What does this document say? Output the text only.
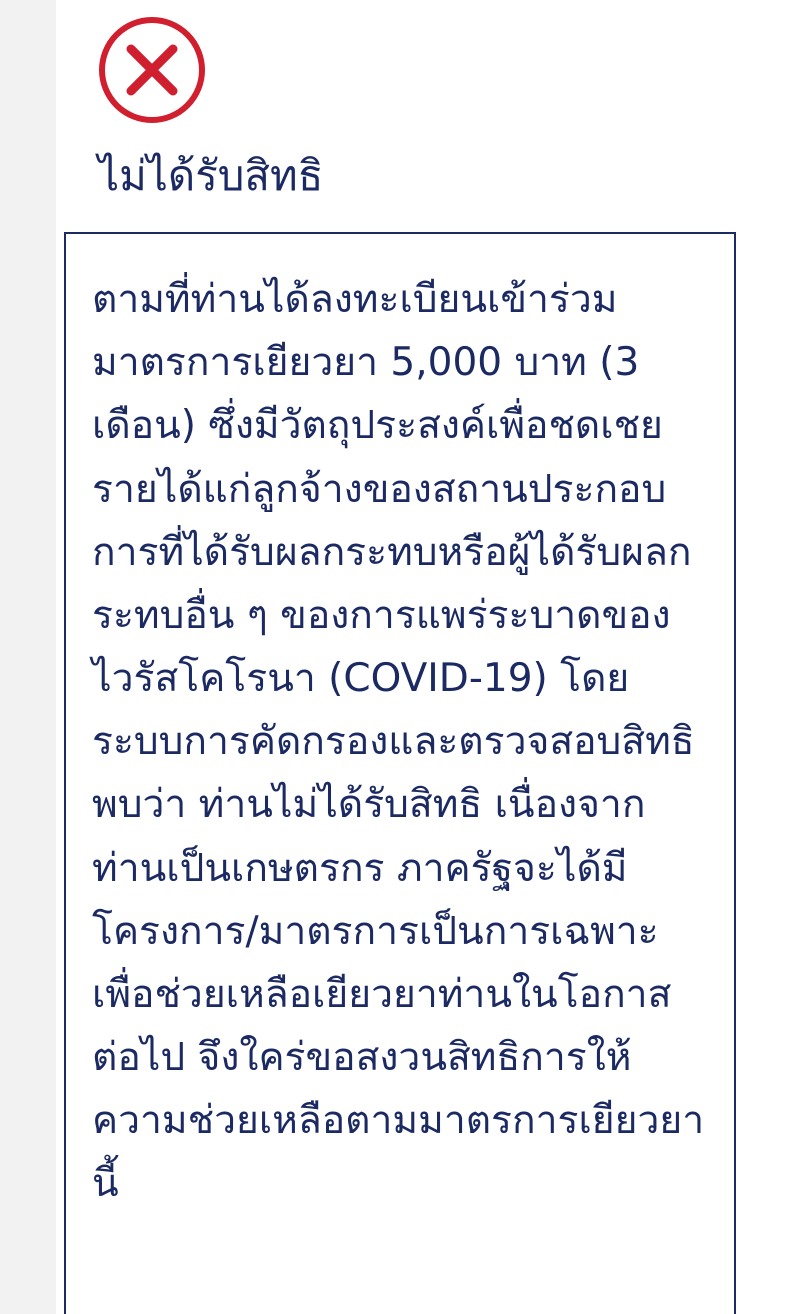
ไม่ได้รับสิทธิ
ตามที่ท่านได้ลงทะเบียนเข้าร่วมมาตรการเยียวยา 5,000 บาท (3 เดือน) ซึ่งมีวัตถุประสงค์เพื่อชดเชยรายได้แก่ลูกจ้างของสถานประกอบการที่ได้รับผลกระทบหรือผู้ได้รับผลกระทบอื่น ๆ ของการแพร่ระบาดของไวรัสโคโรนา (COVID-19) โดยระบบการคัดกรองและตรวจสอบสิทธิ พบว่า ท่านไม่ได้รับสิทธิ เนื่องจาก ท่านเป็นเกษตรกร ภาครัฐจะได้มีโครงการ/มาตรการเป็นการเฉพาะเพื่อช่วยเหลือเยียวยาท่านในโอกาสต่อไป จึงใคร่ขอสงวนสิทธิการให้ความช่วยเหลือตามมาตรการเยียวยานี้
